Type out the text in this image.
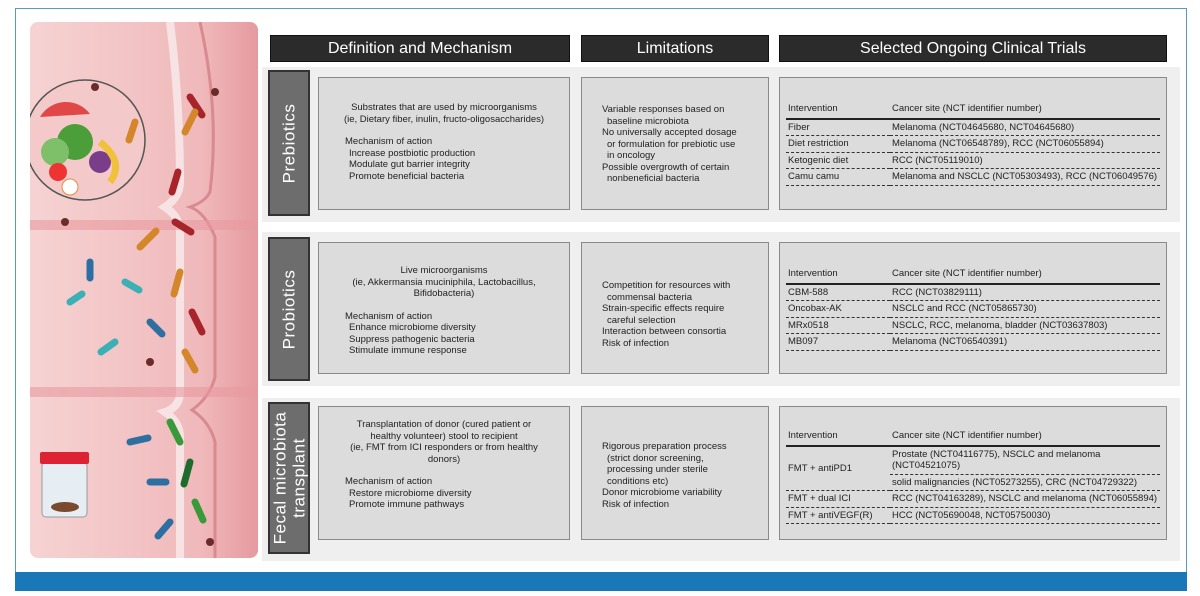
Definition and Mechanism	Limitations	Selected Ongoing Clinical Trials
Prebiotics	Substrates that are used by microorganisms
(ie, Dietary fiber, inulin, fructo-oligosaccharides)
Mechanism of action
Increase postbiotic production
Modulate gut barrier integrity
Promote beneficial bacteria
Variable responses based on
baseline microbiota
No universally accepted dosage
or formulation for prebiotic use
in oncology
Possible overgrowth of certain
nonbeneficial bacteria
Intervention	Cancer site (NCT identifier number)
Fiber	Melanoma (NCT04645680, NCT04645680)
Diet restriction	Melanoma (NCT06548789), RCC (NCT06055894)
Ketogenic diet	RCC (NCT05119010)
Camu camu	Melanoma and NSCLC (NCT05303493), RCC (NCT06049576)
Probiotics	Live microorganisms
(ie, Akkermansia muciniphila, Lactobacillus,
Bifidobacteria)
Mechanism of action
Enhance microbiome diversity
Suppress pathogenic bacteria
Stimulate immune response
Competition for resources with
commensal bacteria
Strain-specific effects require
careful selection
Interaction between consortia
Risk of infection
Intervention	Cancer site (NCT identifier number)
CBM-588	RCC (NCT03829111)
Oncobax-AK	NSCLC and RCC (NCT05865730)
MRx0518	NSCLC, RCC, melanoma, bladder (NCT03637803)
MB097	Melanoma (NCT06540391)
Fecal microbiota transplant
Transplantation of donor (cured patient or
healthy volunteer) stool to recipient
(ie, FMT from ICI responders or from healthy
donors)
Mechanism of action
Restore microbiome diversity
Promote immune pathways
Rigorous preparation process
(strict donor screening,
processing under sterile
conditions etc)
Donor microbiome variability
Risk of infection
Intervention	Cancer site (NCT identifier number)
FMT + antiPD1	Prostate (NCT04116775), NSCLC and melanoma (NCT04521075)
	solid malignancies (NCT05273255), CRC (NCT04729322)
FMT + dual ICI	RCC (NCT04163289), NSCLC and melanoma (NCT06055894)
FMT + antiVEGF(R)	HCC (NCT05690048, NCT05750030)
